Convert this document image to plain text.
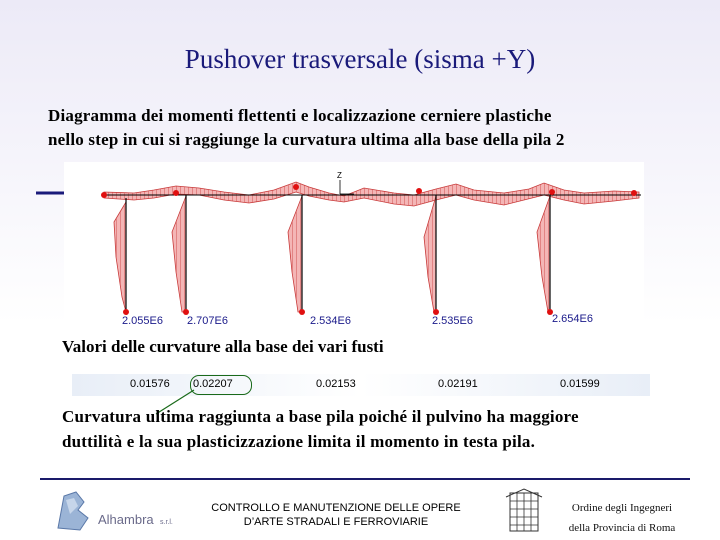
Pushover trasversale (sisma +Y)
Diagramma dei momenti flettenti e localizzazione cerniere plastiche
nello step in cui si raggiunge la curvatura ultima alla base della pila 2
Z
2.055E6 2.707E6	2.534E6	2.535E6	2.654E6
Valori delle curvature alla base dei vari fusti
0.01576 0.02207	0.02153	0.02191	0.01599
Curvatura ultima raggiunta a base pila poiché il pulvino ha maggiore
duttilità e la sua plasticizzazione limita il momento in testa pila.
Alhambra s.r.l.
CONTROLLO E MANUTENZIONE DELLE OPERE
D’ARTE STRADALI E FERROVIARIE
Ordine degli Ingegneri
della Provincia di Roma
